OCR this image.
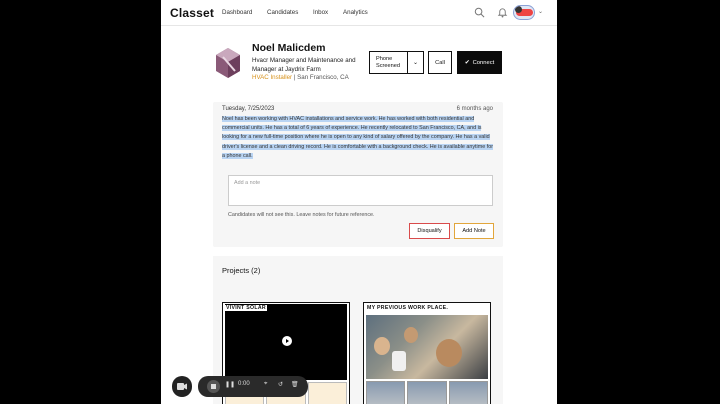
Classet Dashboard Candidates Inbox Analytics	⌄
Noel Malicdem
Hvacr Manager and Maintenance and Manager at Jaydrix Farm
HVAC Installer | San Francisco, CA
Phone Screened	⌄	Call	✔ Connect
Tuesday, 7/25/2023	6 months ago
Noel has been working with HVAC installations and service work. He has worked with both residential and commercial units. He has a total of 6 years of experience. He recently relocated to San Francisco, CA, and is looking for a new full-time position where he is open to any kind of salary offered by the company. He has a valid driver's license and a clean driving record. He is comfortable with a background check. He is available anytime for a phone call.
Add a note
Candidates will not see this. Leave notes for future reference.
Disqualify	Add Note
Projects (2)
VIVINT SOLAR	MY PREVIOUS WORK PLACE.
❚❚ 0:00 ⌖ ↺ 🗑
